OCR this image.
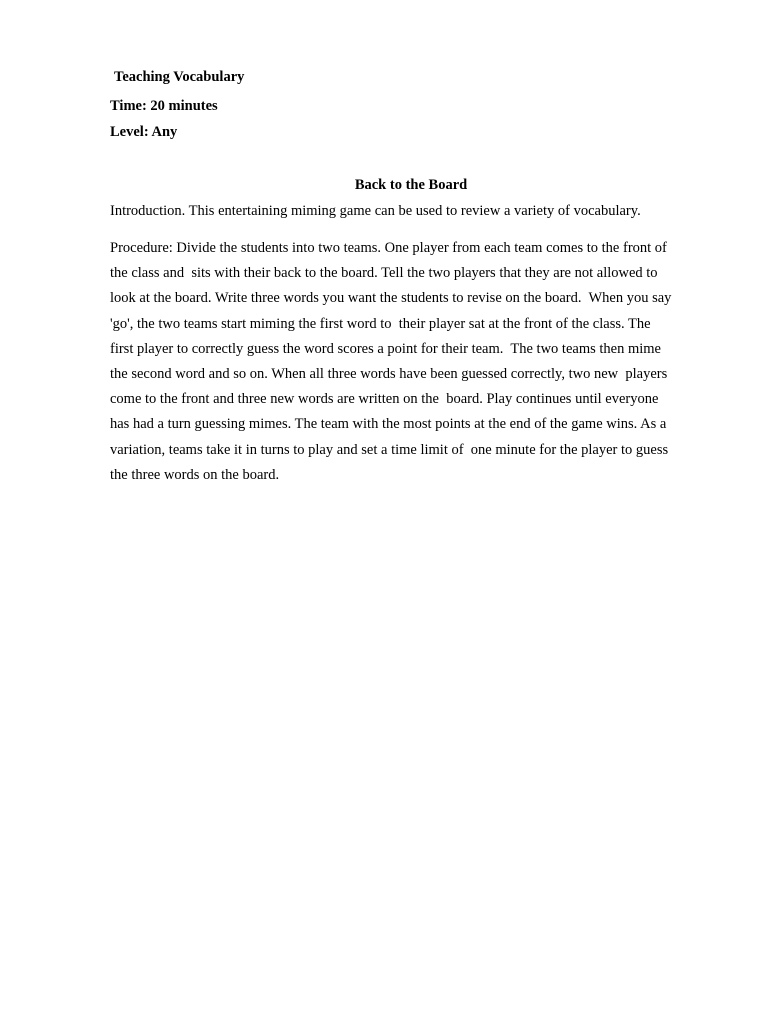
Teaching Vocabulary
Time: 20 minutes
Level: Any
Back to the Board
Introduction. This entertaining miming game can be used to review a variety of vocabulary.
Procedure: Divide the students into two teams. One player from each team comes to the front of
the class and  sits with their back to the board. Tell the two players that they are not allowed to
look at the board. Write three words you want the students to revise on the board.  When you say
'go', the two teams start miming the first word to  their player sat at the front of the class. The
first player to correctly guess the word scores a point for their team.  The two teams then mime
the second word and so on. When all three words have been guessed correctly, two new  players
come to the front and three new words are written on the  board. Play continues until everyone
has had a turn guessing mimes. The team with the most points at the end of the game wins. As a
variation, teams take it in turns to play and set a time limit of  one minute for the player to guess
the three words on the board.
